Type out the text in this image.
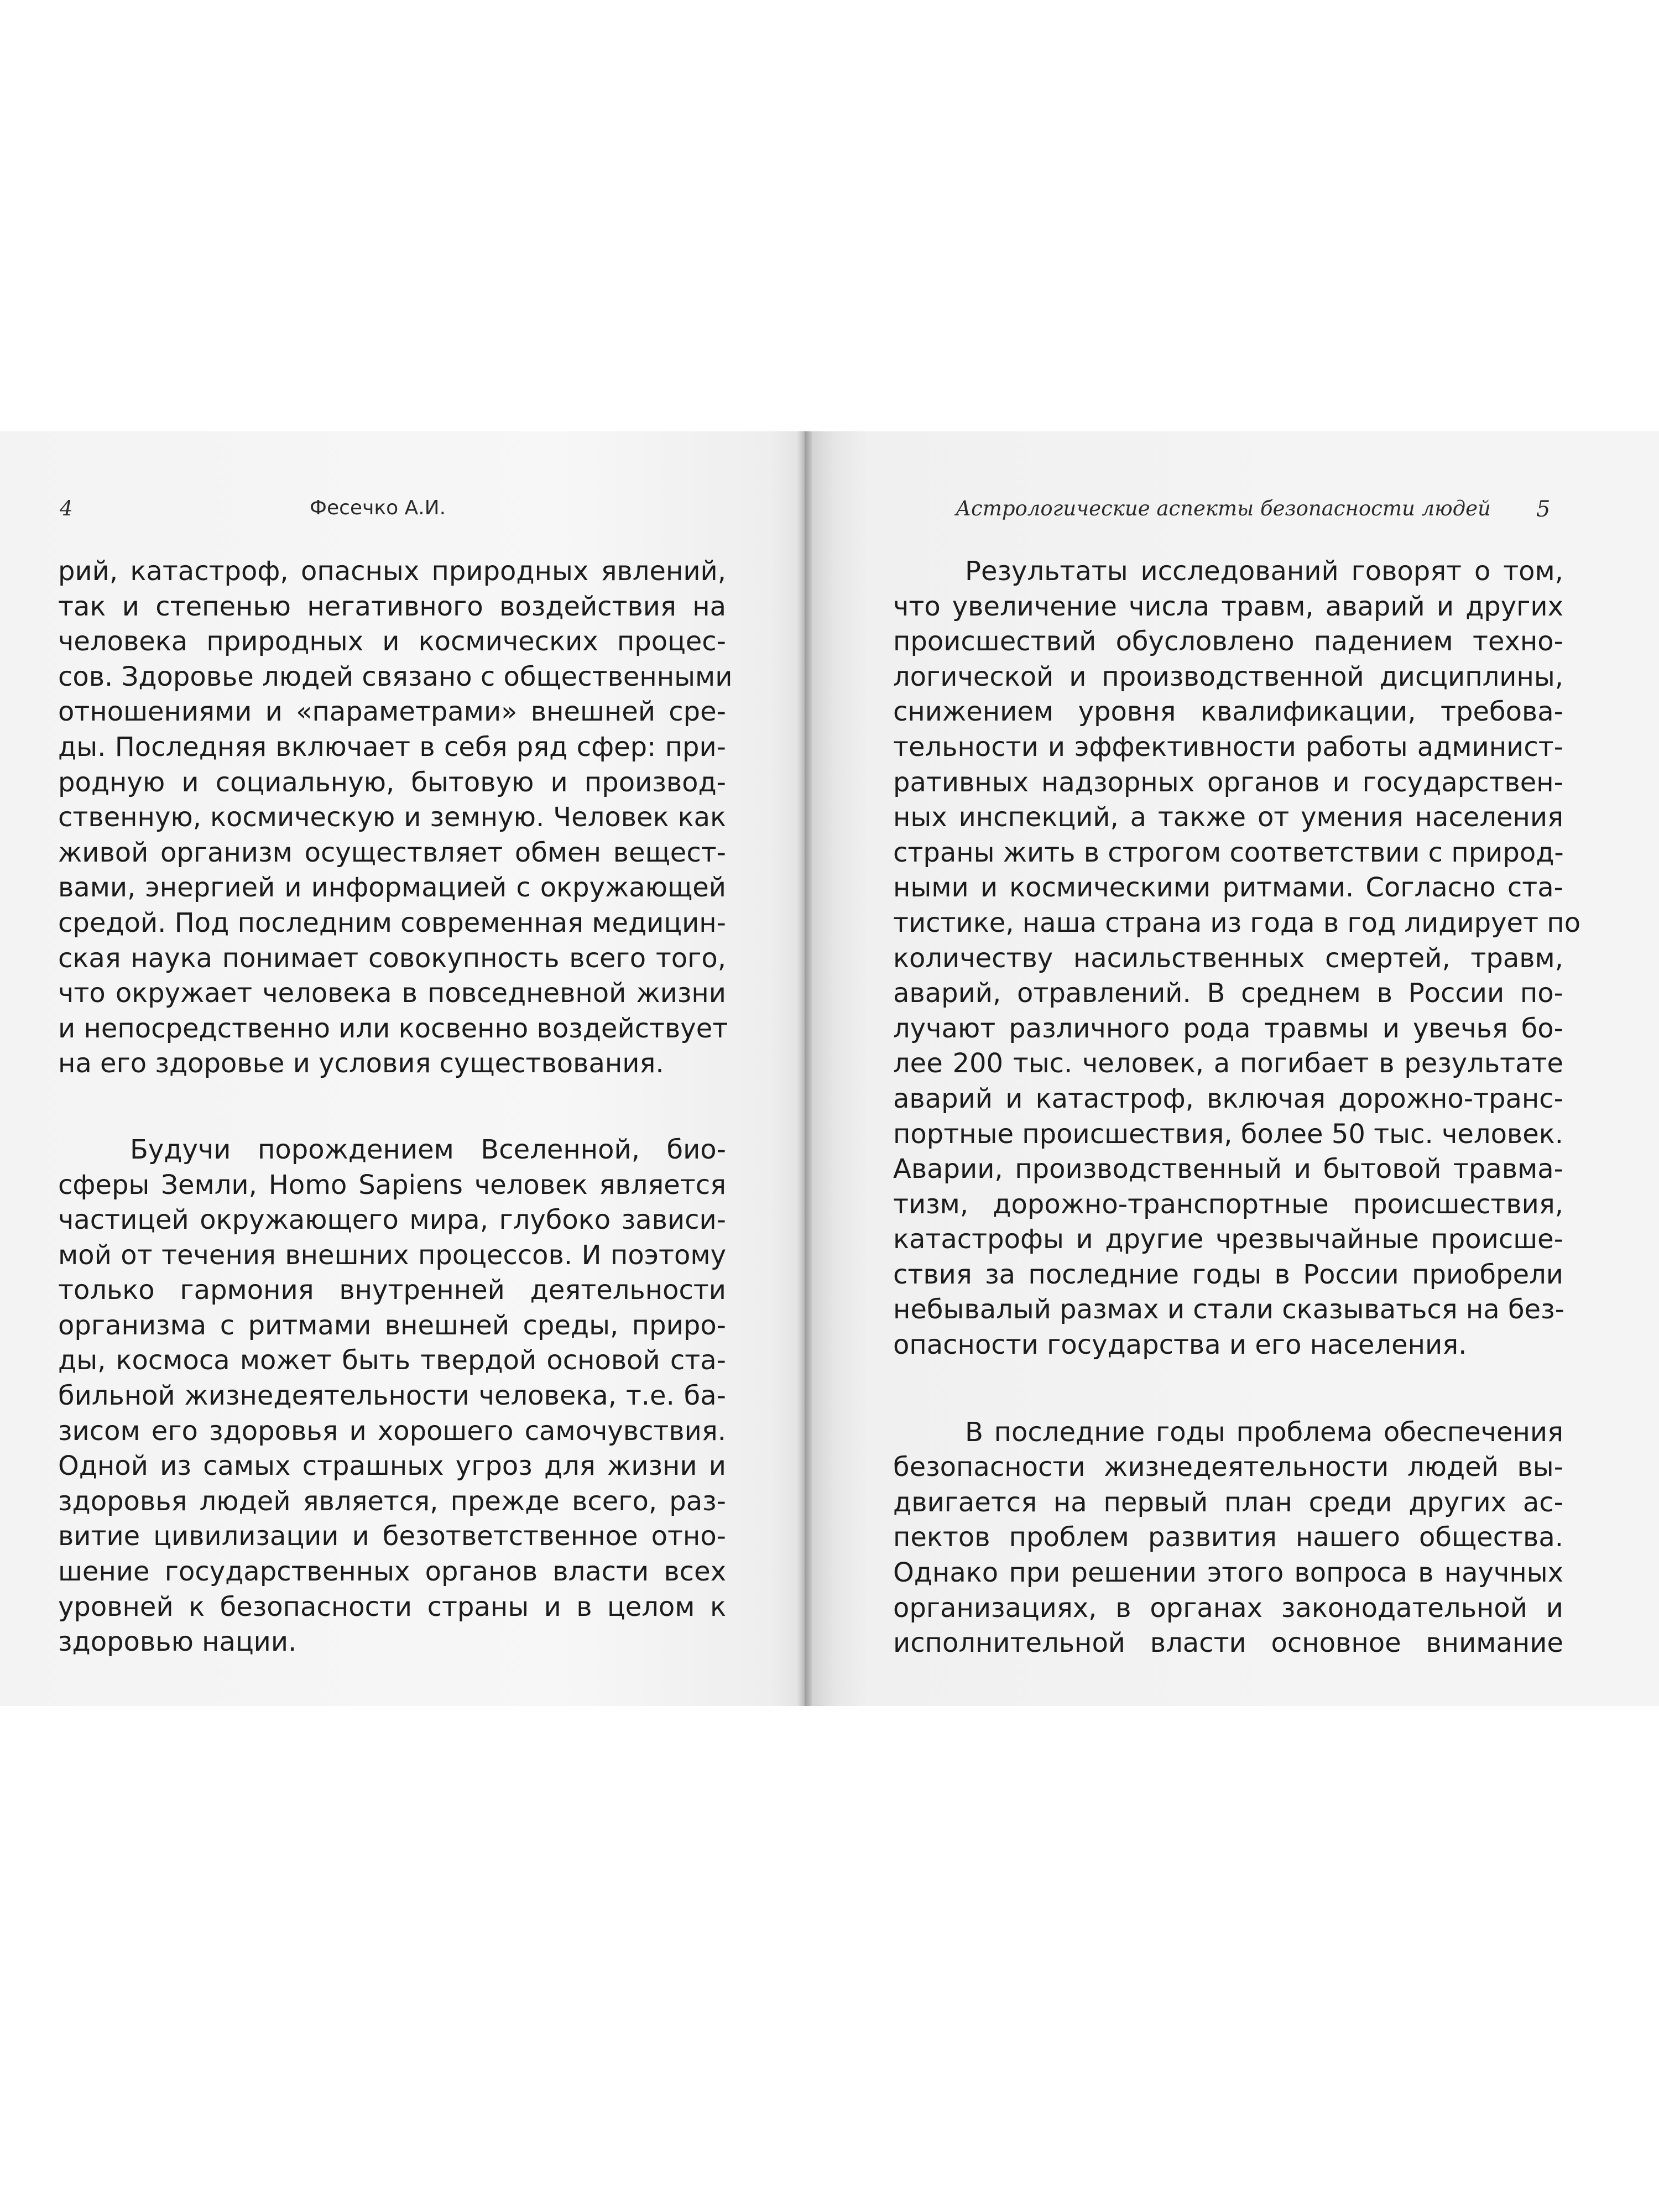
4	Фесечко А.И.
рий, катастроф, опасных природных явлений,
так и степенью негативного воздействия на
человека природных и космических процес-
сов. Здоровье людей связано с общественными
отношениями и «параметрами» внешней сре-
ды. Последняя включает в себя ряд сфер: при-
родную и социальную, бытовую и производ-
ственную, космическую и земную. Человек как
живой организм осуществляет обмен вещест-
вами, энергией и информацией с окружающей
средой. Под последним современная медицин-
ская наука понимает совокупность всего того,
что окружает человека в повседневной жизни
и непосредственно или косвенно воздействует
на его здоровье и условия существования.
Будучи порождением Вселенной, био-
сферы Земли, Homo Sapiens человек является
частицей окружающего мира, глубоко зависи-
мой от течения внешних процессов. И поэтому
только гармония внутренней деятельности
организма с ритмами внешней среды, приро-
ды, космоса может быть твердой основой ста-
бильной жизнедеятельности человека, т.е. ба-
зисом его здоровья и хорошего самочувствия.
Одной из самых страшных угроз для жизни и
здоровья людей является, прежде всего, раз-
витие цивилизации и безответственное отно-
шение государственных органов власти всех
уровней к безопасности страны и в целом к
здоровью нации.
Астрологические аспекты безопасности людей 5
Результаты исследований говорят о том,
что увеличение числа травм, аварий и других
происшествий обусловлено падением техно-
логической и производственной дисциплины,
снижением уровня квалификации, требова-
тельности и эффективности работы админист-
ративных надзорных органов и государствен-
ных инспекций, а также от умения населения
страны жить в строгом соответствии с природ-
ными и космическими ритмами. Согласно ста-
тистике, наша страна из года в год лидирует по
количеству насильственных смертей, травм,
аварий, отравлений. В среднем в России по-
лучают различного рода травмы и увечья бо-
лее 200 тыс. человек, а погибает в результате
аварий и катастроф, включая дорожно-транс-
портные происшествия, более 50 тыс. человек.
Аварии, производственный и бытовой травма-
тизм, дорожно-транспортные происшествия,
катастрофы и другие чрезвычайные происше-
ствия за последние годы в России приобрели
небывалый размах и стали сказываться на без-
опасности государства и его населения.
В последние годы проблема обеспечения
безопасности жизнедеятельности людей вы-
двигается на первый план среди других ас-
пектов проблем развития нашего общества.
Однако при решении этого вопроса в научных
организациях, в органах законодательной и
исполнительной власти основное внимание
